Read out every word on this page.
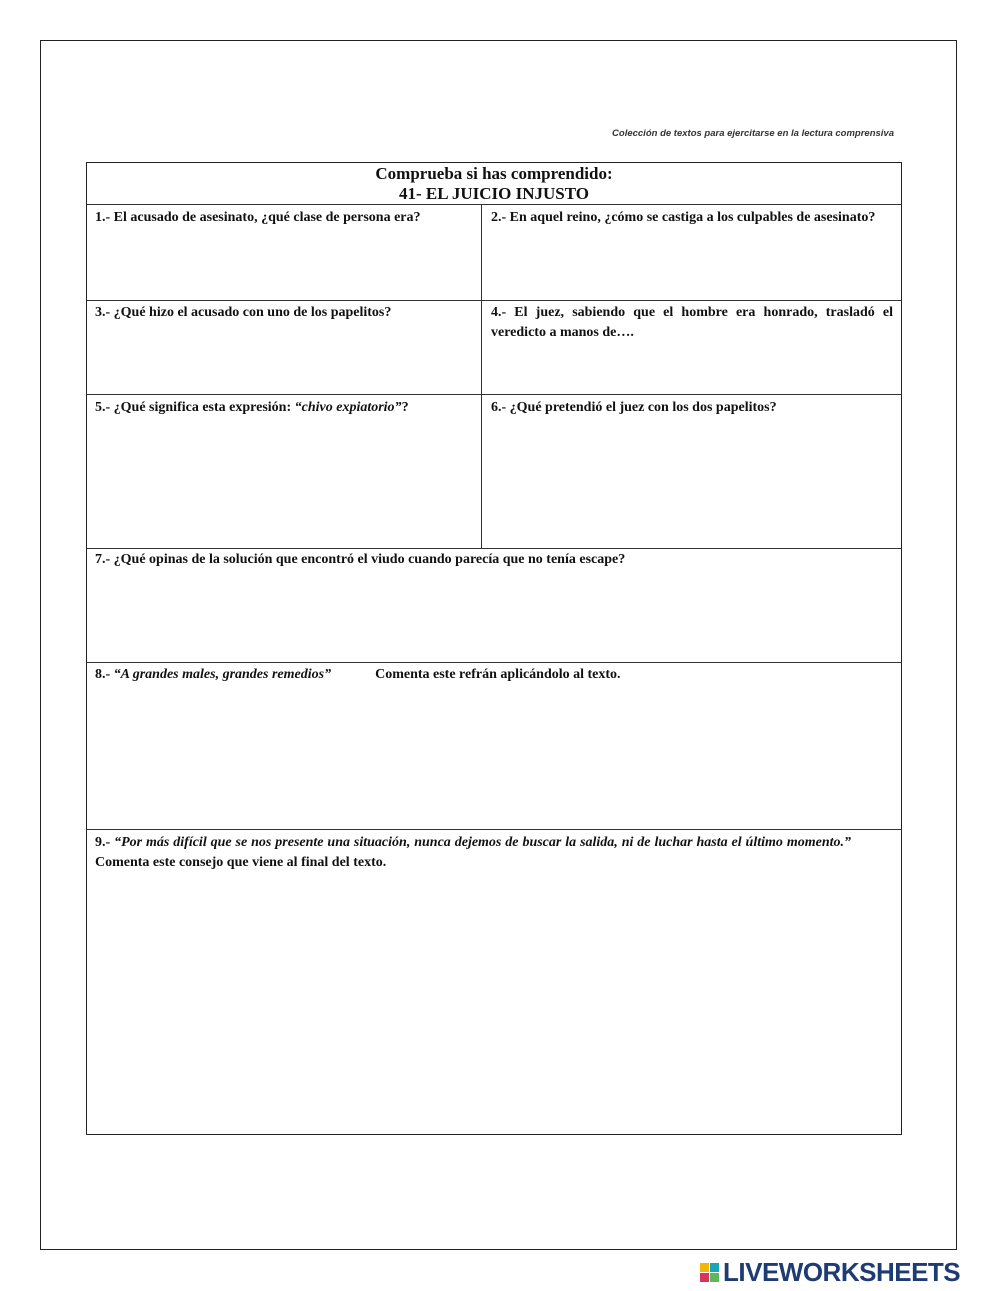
Colección de textos para ejercitarse en la lectura comprensiva
Comprueba si has comprendido:
41- EL JUICIO INJUSTO
1.- El acusado de asesinato, ¿qué clase de persona era?	2.- En aquel reino, ¿cómo se castiga a los culpables de asesinato?
3.- ¿Qué hizo el acusado con uno de los papelitos?	4.- El juez, sabiendo que el hombre era honrado, trasladó el veredicto a manos de….
5.- ¿Qué significa esta expresión: “chivo expiatorio”?	6.- ¿Qué pretendió el juez con los dos papelitos?
7.- ¿Qué opinas de la solución que encontró el viudo cuando parecía que no tenía escape?
8.- “A grandes males, grandes remedios”	Comenta este refrán aplicándolo al texto.
9.- “Por más difícil que se nos presente una situación, nunca dejemos de buscar la salida, ni de luchar hasta el último momento.”Comenta este consejo que viene al final del texto.
LIVEWORKSHEETS
